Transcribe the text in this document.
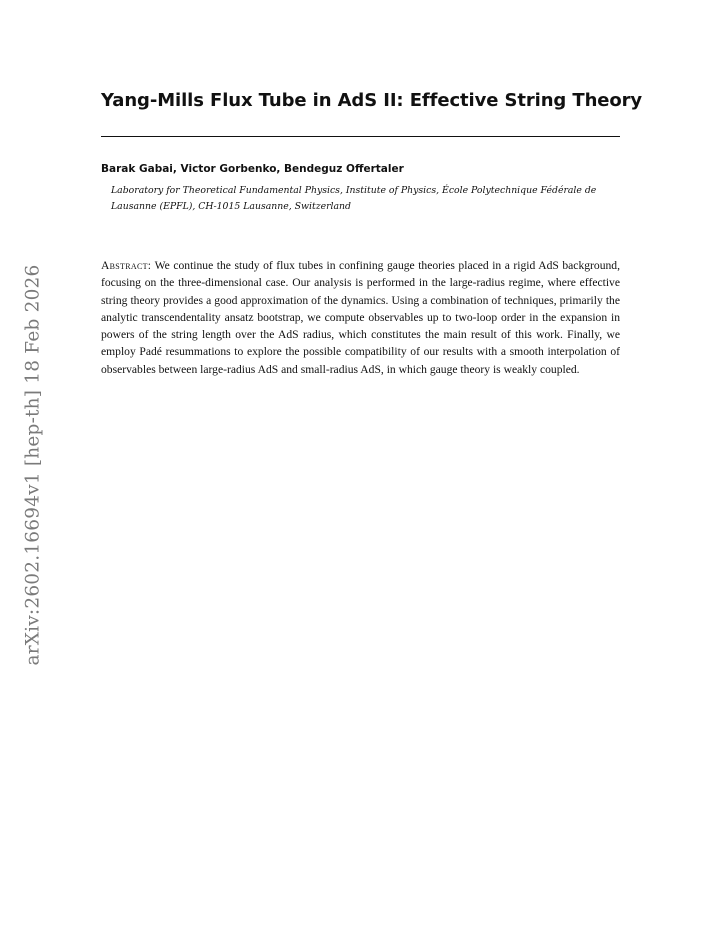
arXiv:2602.16694v1 [hep-th] 18 Feb 2026
Yang-Mills Flux Tube in AdS II: Effective String Theory
Barak Gabai, Victor Gorbenko, Bendeguz Offertaler

Laboratory for Theoretical Fundamental Physics, Institute of Physics, École Polytechnique Fédérale de Lausanne (EPFL), CH-1015 Lausanne, Switzerland

Abstract: We continue the study of flux tubes in confining gauge theories placed in a rigid AdS background, focusing on the three-dimensional case. Our analysis is performed in the large-radius regime, where effective string theory provides a good approximation of the dynamics. Using a combination of techniques, primarily the analytic transcendentality ansatz bootstrap, we compute observables up to two-loop order in the expansion in powers of the string length over the AdS radius, which constitutes the main result of this work. Finally, we employ Padé resummations to explore the possible compatibility of our results with a smooth interpolation of observables between large-radius AdS and small-radius AdS, in which gauge theory is weakly coupled.
